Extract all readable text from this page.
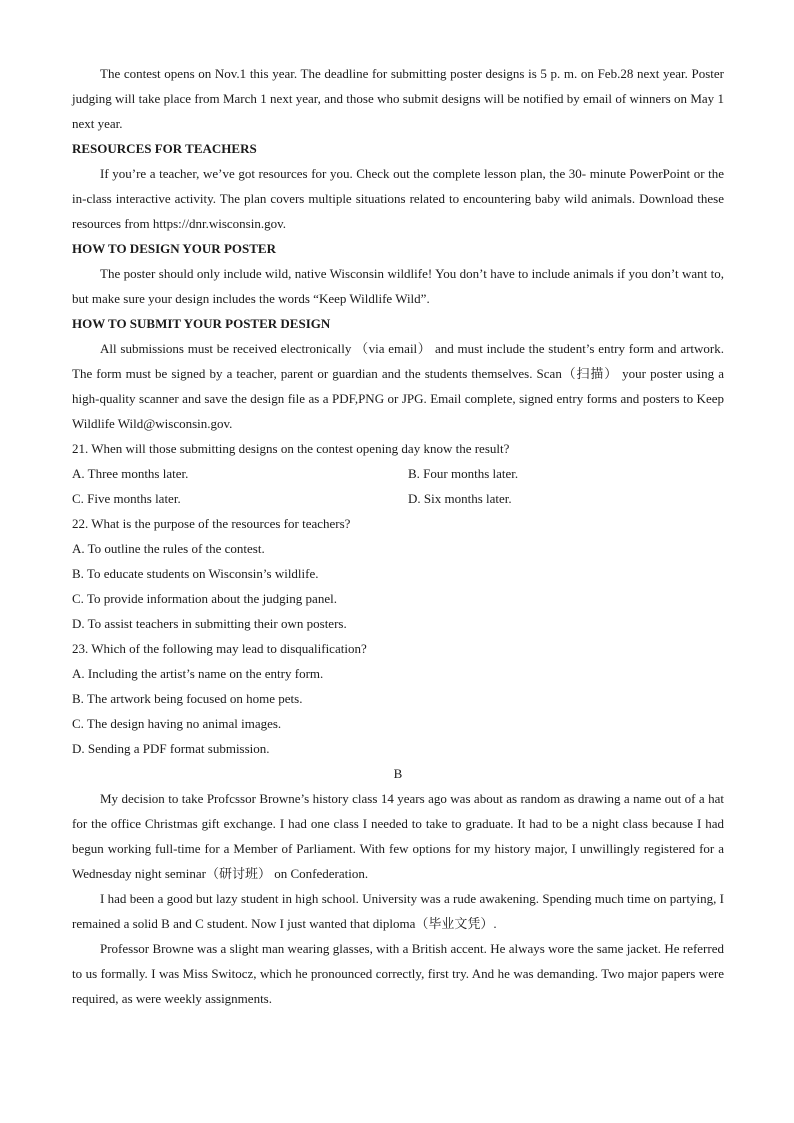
The contest opens on Nov.1 this year. The deadline for submitting poster designs is 5 p. m. on Feb.28 next year. Poster judging will take place from March 1 next year, and those who submit designs will be notified by email of winners on May 1 next year.

RESOURCES FOR TEACHERS

If you’re a teacher, we’ve got resources for you. Check out the complete lesson plan, the 30- minute PowerPoint or the in-class interactive activity. The plan covers multiple situations related to encountering baby wild animals. Download these resources from https://dnr.wisconsin.gov.

HOW TO DESIGN YOUR POSTER

The poster should only include wild, native Wisconsin wildlife! You don’t have to include animals if you don’t want to, but make sure your design includes the words “Keep Wildlife Wild”.

HOW TO SUBMIT YOUR POSTER DESIGN

All submissions must be received electronically （via email） and must include the student’s entry form and artwork. The form must be signed by a teacher, parent or guardian and the students themselves. Scan（扫描） your poster using a high-quality scanner and save the design file as a PDF,PNG or JPG. Email complete, signed entry forms and posters to Keep Wildlife Wild@wisconsin.gov.

21. When will those submitting designs on the contest opening day know the result?

A. Three months later.	B. Four months later.
C. Five months later.	D. Six months later.

22. What is the purpose of the resources for teachers?

A. To outline the rules of the contest.

B. To educate students on Wisconsin’s wildlife.

C. To provide information about the judging panel.

D. To assist teachers in submitting their own posters.

23. Which of the following may lead to disqualification?

A. Including the artist’s name on the entry form.

B. The artwork being focused on home pets.

C. The design having no animal images.

D. Sending a PDF format submission.

B

My decision to take Profcssor Browne’s history class 14 years ago was about as random as drawing a name out of a hat for the office Christmas gift exchange. I had one class I needed to take to graduate. It had to be a night class because I had begun working full-time for a Member of Parliament. With few options for my history major, I unwillingly registered for a Wednesday night seminar（研讨班） on Confederation.

I had been a good but lazy student in high school. University was a rude awakening. Spending much time on partying, I remained a solid B and C student. Now I just wanted that diploma（毕业文凭）.

Professor Browne was a slight man wearing glasses, with a British accent. He always wore the same jacket. He referred to us formally. I was Miss Switocz, which he pronounced correctly, first try. And he was demanding. Two major papers were required, as were weekly assignments.
